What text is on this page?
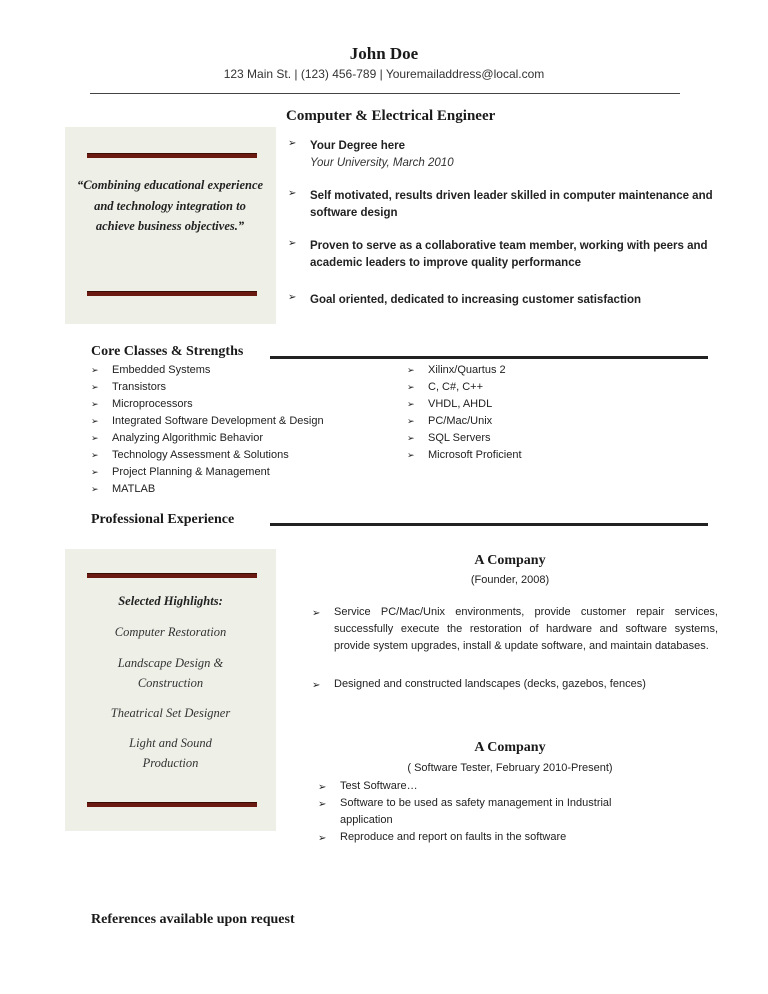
John Doe
123 Main St. | (123) 456-789 | Youremailaddress@local.com
Computer & Electrical Engineer
“Combining educational experience and technology integration to achieve business objectives.”
➢ Your Degree here
Your University, March 2010
➢ Self motivated, results driven leader skilled in computer maintenance and software design
➢ Proven to serve as a collaborative team member, working with peers and academic leaders to improve quality performance
➢ Goal oriented, dedicated to increasing customer satisfaction
Core Classes & Strengths
➢ Embedded Systems
➢ Transistors
➢ Microprocessors
➢ Integrated Software Development & Design
➢ Analyzing Algorithmic Behavior
➢ Technology Assessment & Solutions
➢ Project Planning & Management
➢ MATLAB
➢ Xilinx/Quartus 2
➢ C, C#, C++
➢ VHDL, AHDL
➢ PC/Mac/Unix
➢ SQL Servers
➢ Microsoft Proficient
Professional Experience
Selected Highlights:
Computer Restoration
Landscape Design & Construction
Theatrical Set Designer
Light and Sound Production
A Company
(Founder, 2008)
➢ Service PC/Mac/Unix environments, provide customer repair services, successfully execute the restoration of hardware and software systems, provide system upgrades, install & update software, and maintain databases.
➢ Designed and constructed landscapes (decks, gazebos, fences)
A Company
( Software Tester, February 2010-Present)
➢ Test Software…
➢ Software to be used as safety management in Industrial application
➢ Reproduce and report on faults in the software
References available upon request
